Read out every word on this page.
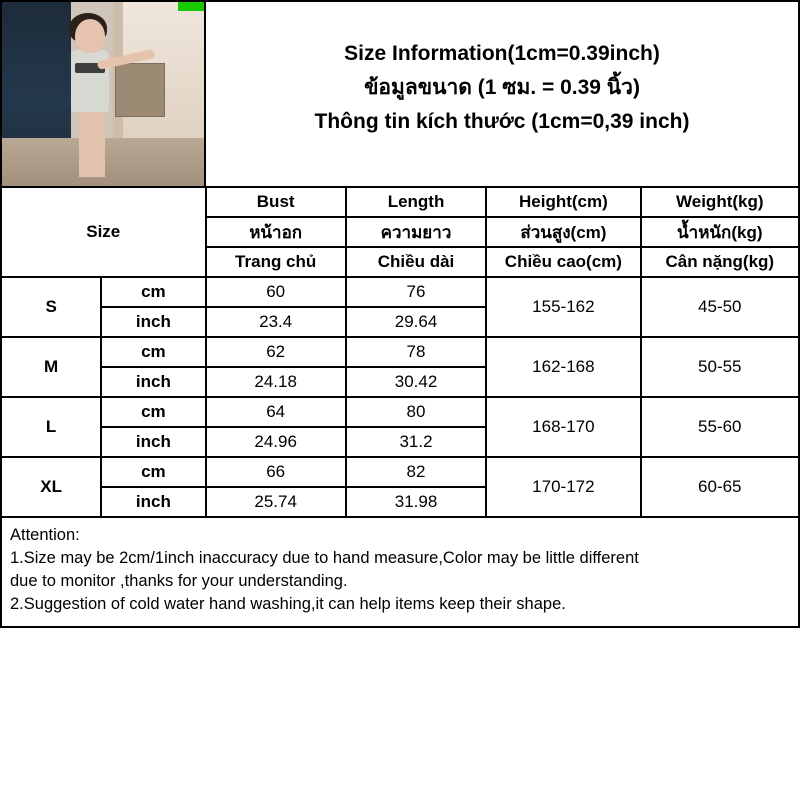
Size Information(1cm=0.39inch)
ข้อมูลขนาด (1 ซม. = 0.39 นิ้ว)
Thông tin kích thước (1cm=0,39 inch)
Size		Bust	Length	Height(cm)	Weight(kg)
		หน้าอก	ความยาว	ส่วนสูง(cm)	น้ำหนัก(kg)
		Trang chủ	Chiều dài	Chiều cao(cm)	Cân nặng(kg)
S	cm	60	76	155-162	45-50
	inch	23.4	29.64		
M	cm	62	78	162-168	50-55
	inch	24.18	30.42		
L	cm	64	80	168-170	55-60
	inch	24.96	31.2		
XL	cm	66	82	170-172	60-65
	inch	25.74	31.98		

Attention:

1.Size may be 2cm/1inch inaccuracy due to hand measure,Color may be little different

due to monitor ,thanks for your understanding.

2.Suggestion of cold water hand washing,it can help items keep their shape.
